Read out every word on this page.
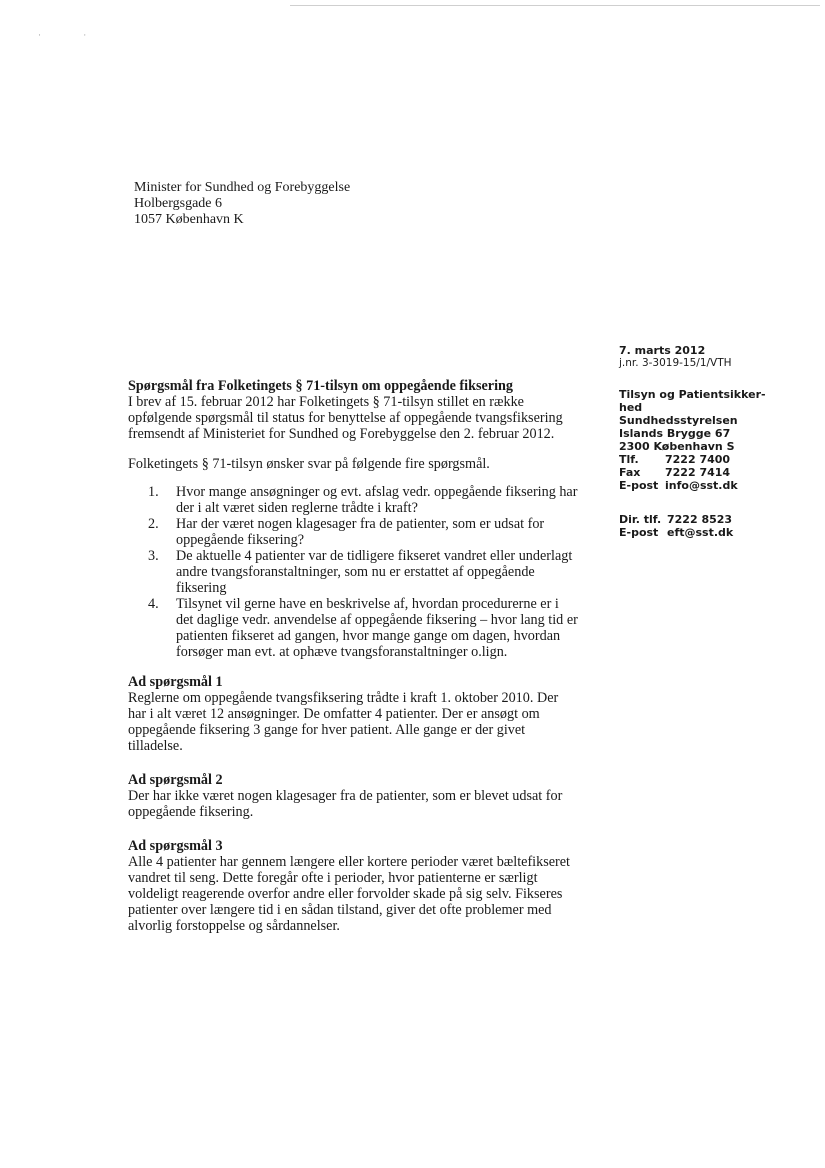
· ·
Minister for Sundhed og Forebyggelse
Holbergsgade 6
1057 København K
7. marts 2012
j.nr. 3-3019-15/1/VTH
Tilsyn og Patientsikker-
hed
Sundhedsstyrelsen
Islands Brygge 67
2300 København S
Tlf.	7222 7400
Fax	7222 7414
E-post info@sst.dk
Dir. tlf. 7222 8523
E-post eft@sst.dk
Spørgsmål fra Folketingets § 71-tilsyn om oppegående fiksering

I brev af 15. februar 2012 har Folketingets § 71-tilsyn stillet en række opfølgende spørgsmål til status for benyttelse af oppegående tvangsfiksering fremsendt af Ministeriet for Sundhed og Forebyggelse den 2. februar 2012.

Folketingets § 71-tilsyn ønsker svar på følgende fire spørgsmål.

1.	Hvor mange ansøgninger og evt. afslag vedr. oppegående fiksering har der i alt været siden reglerne trådte i kraft?
2.	Har der været nogen klagesager fra de patienter, som er udsat for oppegående fiksering?
3.	De aktuelle 4 patienter var de tidligere fikseret vandret eller underlagt andre tvangsforanstaltninger, som nu er erstattet af oppegående fiksering
4.	Tilsynet vil gerne have en beskrivelse af, hvordan procedurerne er i det daglige vedr. anvendelse af oppegående fiksering – hvor lang tid er patienten fikseret ad gangen, hvor mange gange om dagen, hvordan forsøger man evt. at ophæve tvangsforanstaltninger o.lign.
Ad spørgsmål 1

Reglerne om oppegående tvangsfiksering trådte i kraft 1. oktober 2010. Der har i alt været 12 ansøgninger. De omfatter 4 patienter. Der er ansøgt om oppegående fiksering 3 gange for hver patient. Alle gange er der givet tilladelse.

Ad spørgsmål 2

Der har ikke været nogen klagesager fra de patienter, som er blevet udsat for oppegående fiksering.

Ad spørgsmål 3

Alle 4 patienter har gennem længere eller kortere perioder været bæltefikseret vandret til seng. Dette foregår ofte i perioder, hvor patienterne er særligt voldeligt reagerende overfor andre eller forvolder skade på sig selv. Fikseres patienter over længere tid i en sådan tilstand, giver det ofte problemer med alvorlig forstoppelse og sårdannelser.
